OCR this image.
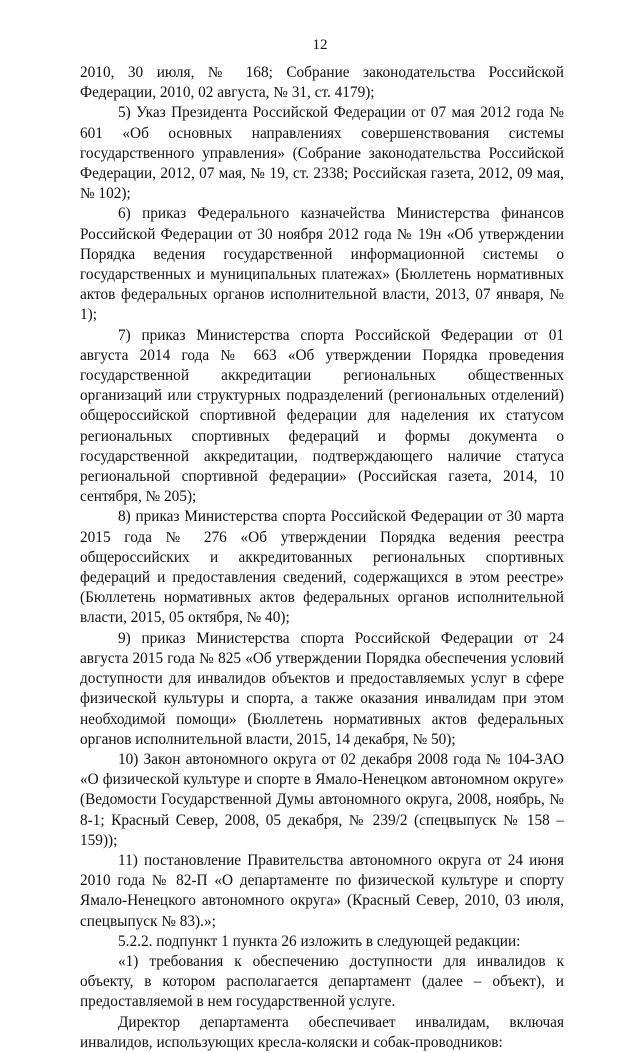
12

2010, 30 июля, № 168; Собрание законодательства Российской Федерации, 2010, 02 августа, № 31, ст. 4179);

5) Указ Президента Российской Федерации от 07 мая 2012 года № 601 «Об основных направлениях совершенствования системы государственного управления» (Собрание законодательства Российской Федерации, 2012, 07 мая, № 19, ст. 2338; Российская газета, 2012, 09 мая, № 102);

6) приказ Федерального казначейства Министерства финансов Российской Федерации от 30 ноября 2012 года № 19н «Об утверждении Порядка ведения государственной информационной системы о государственных и муниципальных платежах» (Бюллетень нормативных актов федеральных органов исполнительной власти, 2013, 07 января, № 1);

7) приказ Министерства спорта Российской Федерации от 01 августа 2014 года № 663 «Об утверждении Порядка проведения государственной аккредитации региональных общественных организаций или структурных подразделений (региональных отделений) общероссийской спортивной федерации для наделения их статусом региональных спортивных федераций и формы документа о государственной аккредитации, подтверждающего наличие статуса региональной спортивной федерации» (Российская газета, 2014, 10 сентября, № 205);

8) приказ Министерства спорта Российской Федерации от 30 марта 2015 года № 276 «Об утверждении Порядка ведения реестра общероссийских и аккредитованных региональных спортивных федераций и предоставления сведений, содержащихся в этом реестре» (Бюллетень нормативных актов федеральных органов исполнительной власти, 2015, 05 октября, № 40);

9) приказ Министерства спорта Российской Федерации от 24 августа 2015 года № 825 «Об утверждении Порядка обеспечения условий доступности для инвалидов объектов и предоставляемых услуг в сфере физической культуры и спорта, а также оказания инвалидам при этом необходимой помощи» (Бюллетень нормативных актов федеральных органов исполнительной власти, 2015, 14 декабря, № 50);

10) Закон автономного округа от 02 декабря 2008 года № 104-ЗАО «О физической культуре и спорте в Ямало-Ненецком автономном округе» (Ведомости Государственной Думы автономного округа, 2008, ноябрь, № 8-1; Красный Север, 2008, 05 декабря, № 239/2 (спецвыпуск № 158 – 159));

11) постановление Правительства автономного округа от 24 июня 2010 года № 82-П «О департаменте по физической культуре и спорту Ямало-Ненецкого автономного округа» (Красный Север, 2010, 03 июля, спецвыпуск № 83).»;

5.2.2. подпункт 1 пункта 26 изложить в следующей редакции:

«1) требования к обеспечению доступности для инвалидов к объекту, в котором располагается департамент (далее – объект), и предоставляемой в нем государственной услуге.

Директор департамента обеспечивает инвалидам, включая инвалидов, использующих кресла-коляски и собак-проводников:
